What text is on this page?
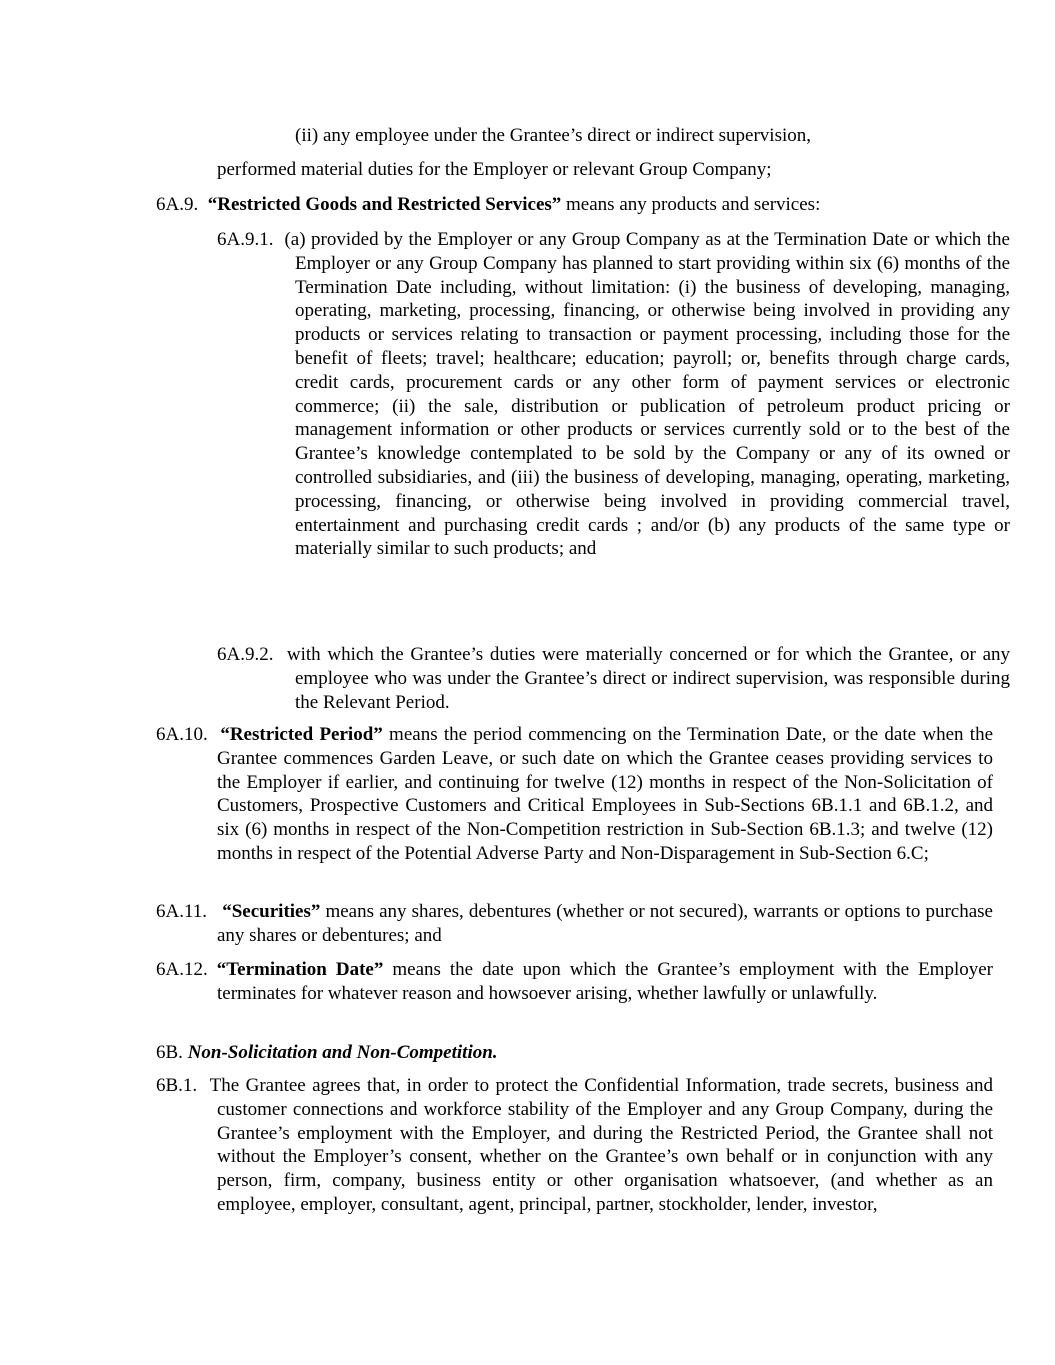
(ii) any employee under the Grantee’s direct or indirect supervision,

performed material duties for the Employer or relevant Group Company;

6A.9. “Restricted Goods and Restricted Services” means any products and services:

6A.9.1. (a) provided by the Employer or any Group Company as at the Termination Date or which the Employer or any Group Company has planned to start providing within six (6) months of the Termination Date including, without limitation: (i) the business of developing, managing, operating, marketing, processing, financing, or otherwise being involved in providing any products or services relating to transaction or payment processing, including those for the benefit of fleets; travel; healthcare; education; payroll; or, benefits through charge cards, credit cards, procurement cards or any other form of payment services or electronic commerce; (ii) the sale, distribution or publication of petroleum product pricing or management information or other products or services currently sold or to the best of the Grantee’s knowledge contemplated to be sold by the Company or any of its owned or controlled subsidiaries, and (iii) the business of developing, managing, operating, marketing, processing, financing, or otherwise being involved in providing commercial travel, entertainment and purchasing credit cards ; and/or (b) any products of the same type or materially similar to such products; and

6A.9.2. with which the Grantee’s duties were materially concerned or for which the Grantee, or any employee who was under the Grantee’s direct or indirect supervision, was responsible during the Relevant Period.

6A.10. “Restricted Period” means the period commencing on the Termination Date, or the date when the Grantee commences Garden Leave, or such date on which the Grantee ceases providing services to the Employer if earlier, and continuing for twelve (12) months in respect of the Non-Solicitation of Customers, Prospective Customers and Critical Employees in Sub-Sections 6B.1.1 and 6B.1.2, and six (6) months in respect of the Non-Competition restriction in Sub-Section 6B.1.3; and twelve (12) months in respect of the Potential Adverse Party and Non-Disparagement in Sub-Section 6.C;

6A.11. “Securities” means any shares, debentures (whether or not secured), warrants or options to purchase any shares or debentures; and

6A.12. “Termination Date” means the date upon which the Grantee’s employment with the Employer terminates for whatever reason and howsoever arising, whether lawfully or unlawfully.

6B. Non-Solicitation and Non-Competition.

6B.1. The Grantee agrees that, in order to protect the Confidential Information, trade secrets, business and customer connections and workforce stability of the Employer and any Group Company, during the Grantee’s employment with the Employer, and during the Restricted Period, the Grantee shall not without the Employer’s consent, whether on the Grantee’s own behalf or in conjunction with any person, firm, company, business entity or other organisation whatsoever, (and whether as an employee, employer, consultant, agent, principal, partner, stockholder, lender, investor,
